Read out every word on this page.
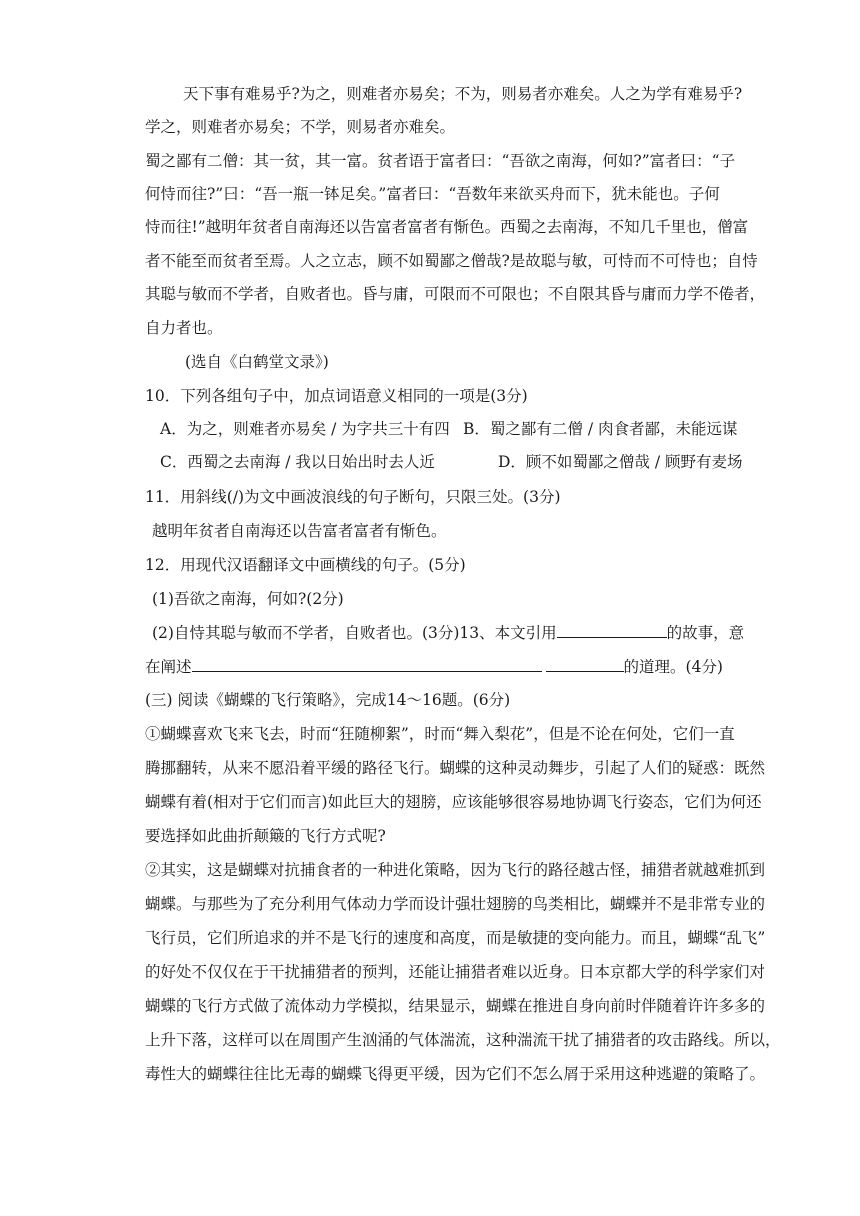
天下事有难易乎?为之，则难者亦易矣；不为，则易者亦难矣。人之为学有难易乎?
学之，则难者亦易矣；不学，则易者亦难矣。
蜀之鄙有二僧：其一贫，其一富。贫者语于富者曰：“吾欲之南海，何如?”富者曰：“子
何恃而往?”曰：“吾一瓶一钵足矣。”富者曰：“吾数年来欲买舟而下，犹未能也。子何
恃而往!”越明年贫者自南海还以告富者富者有惭色。西蜀之去南海，不知几千里也，僧富
者不能至而贫者至焉。人之立志，顾不如蜀鄙之僧哉?是故聪与敏，可恃而不可恃也；自恃
其聪与敏而不学者，自败者也。昏与庸，可限而不可限也；不自限其昏与庸而力学不倦者，
自力者也。
(选自《白鹤堂文录》)
10．下列各组句子中，加点词语意义相同的一项是(3分)
A．为之，则难者亦易矣 / 为字共三十有四 B．蜀之鄙有二僧 / 肉食者鄙，未能远谋
C．西蜀之去南海 / 我以日始出时去人近	D．顾不如蜀鄙之僧哉 / 顾野有麦场
11．用斜线(/)为文中画波浪线的句子断句，只限三处。(3分)
越明年贫者自南海还以告富者富者有惭色。
12．用现代汉语翻译文中画横线的句子。(5分)
(1)吾欲之南海，何如?(2分)
(2)自恃其聪与敏而不学者，自败者也。(3分)13、本文引用	的故事，意
在阐述	的道理。(4分)
(三) 阅读《蝴蝶的飞行策略》，完成14～16题。(6分)
①蝴蝶喜欢飞来飞去，时而“狂随柳絮”，时而“舞入梨花”，但是不论在何处，它们一直
腾挪翻转，从来不愿沿着平缓的路径飞行。蝴蝶的这种灵动舞步，引起了人们的疑惑：既然
蝴蝶有着(相对于它们而言)如此巨大的翅膀，应该能够很容易地协调飞行姿态，它们为何还
要选择如此曲折颠簸的飞行方式呢?
②其实，这是蝴蝶对抗捕食者的一种进化策略，因为飞行的路径越古怪，捕猎者就越难抓到
蝴蝶。与那些为了充分利用气体动力学而设计强壮翅膀的鸟类相比，蝴蝶并不是非常专业的
飞行员，它们所追求的并不是飞行的速度和高度，而是敏捷的变向能力。而且，蝴蝶“乱飞”
的好处不仅仅在于干扰捕猎者的预判，还能让捕猎者难以近身。日本京都大学的科学家们对
蝴蝶的飞行方式做了流体动力学模拟，结果显示，蝴蝶在推进自身向前时伴随着许许多多的
上升下落，这样可以在周围产生汹涌的气体湍流，这种湍流干扰了捕猎者的攻击路线。所以，
毒性大的蝴蝶往往比无毒的蝴蝶飞得更平缓，因为它们不怎么屑于采用这种逃避的策略了。
